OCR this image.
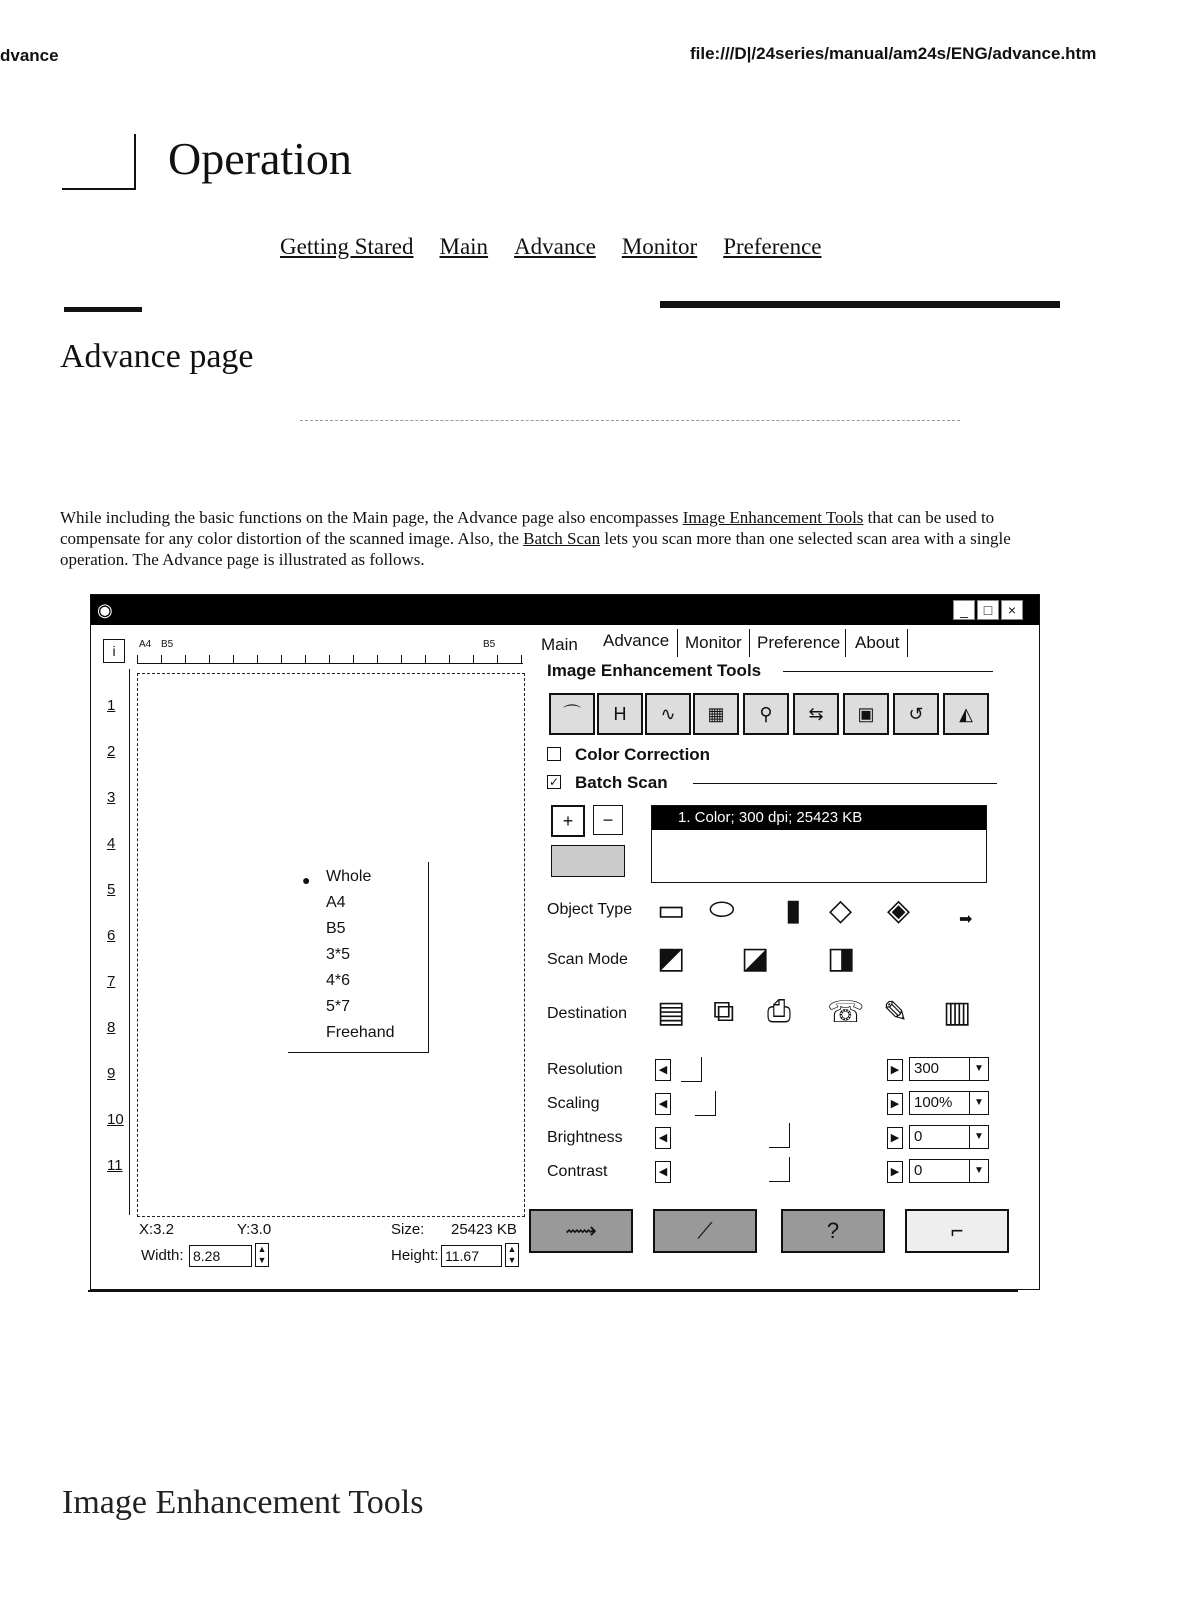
dvance	file:///D|/24series/manual/am24s/ENG/advance.htm
Operation
Getting Stared Main Advance Monitor Preference
Advance page
While including the basic functions on the Main page, the Advance page also encompasses Image Enhancement Tools that can be used to compensate for any color distortion of the scanned image. Also, the Batch Scan lets you scan more than one selected scan area with a single operation. The Advance page is illustrated as follows.
◉	_	□	×
i	A4 B5	B5
1
2
3
4
5
6
7
8
9
10
11
● Whole
A4
B5
3*5
4*6
5*7
Freehand
X:3.2	Y:3.0	Size: 25423 KB
Width: 8.28	▲
▼	Height: 11.67	▲
▼
Main Advance Monitor Preference About
Image Enhancement Tools
⌒	H	∿	▦	⚲	⇆	▣	↺	◭
Color Correction
✓ Batch Scan
+	−	1. Color; 300 dpi; 25423 KB
Object Type ▭ ⬭ ▮ ◇ ◈	➡
Scan Mode ◩ ◪ ◨
Destination ▤ ⧉ ⎙ ☏ ✎ ▥
Resolution	◀	▶ 300	▼
Scaling	◀	▶ 100%	▼
Brightness	◀	▶ 0	▼
Contrast	◀	▶ 0	▼
⟿	⟋	?	⌐
Image Enhancement Tools
